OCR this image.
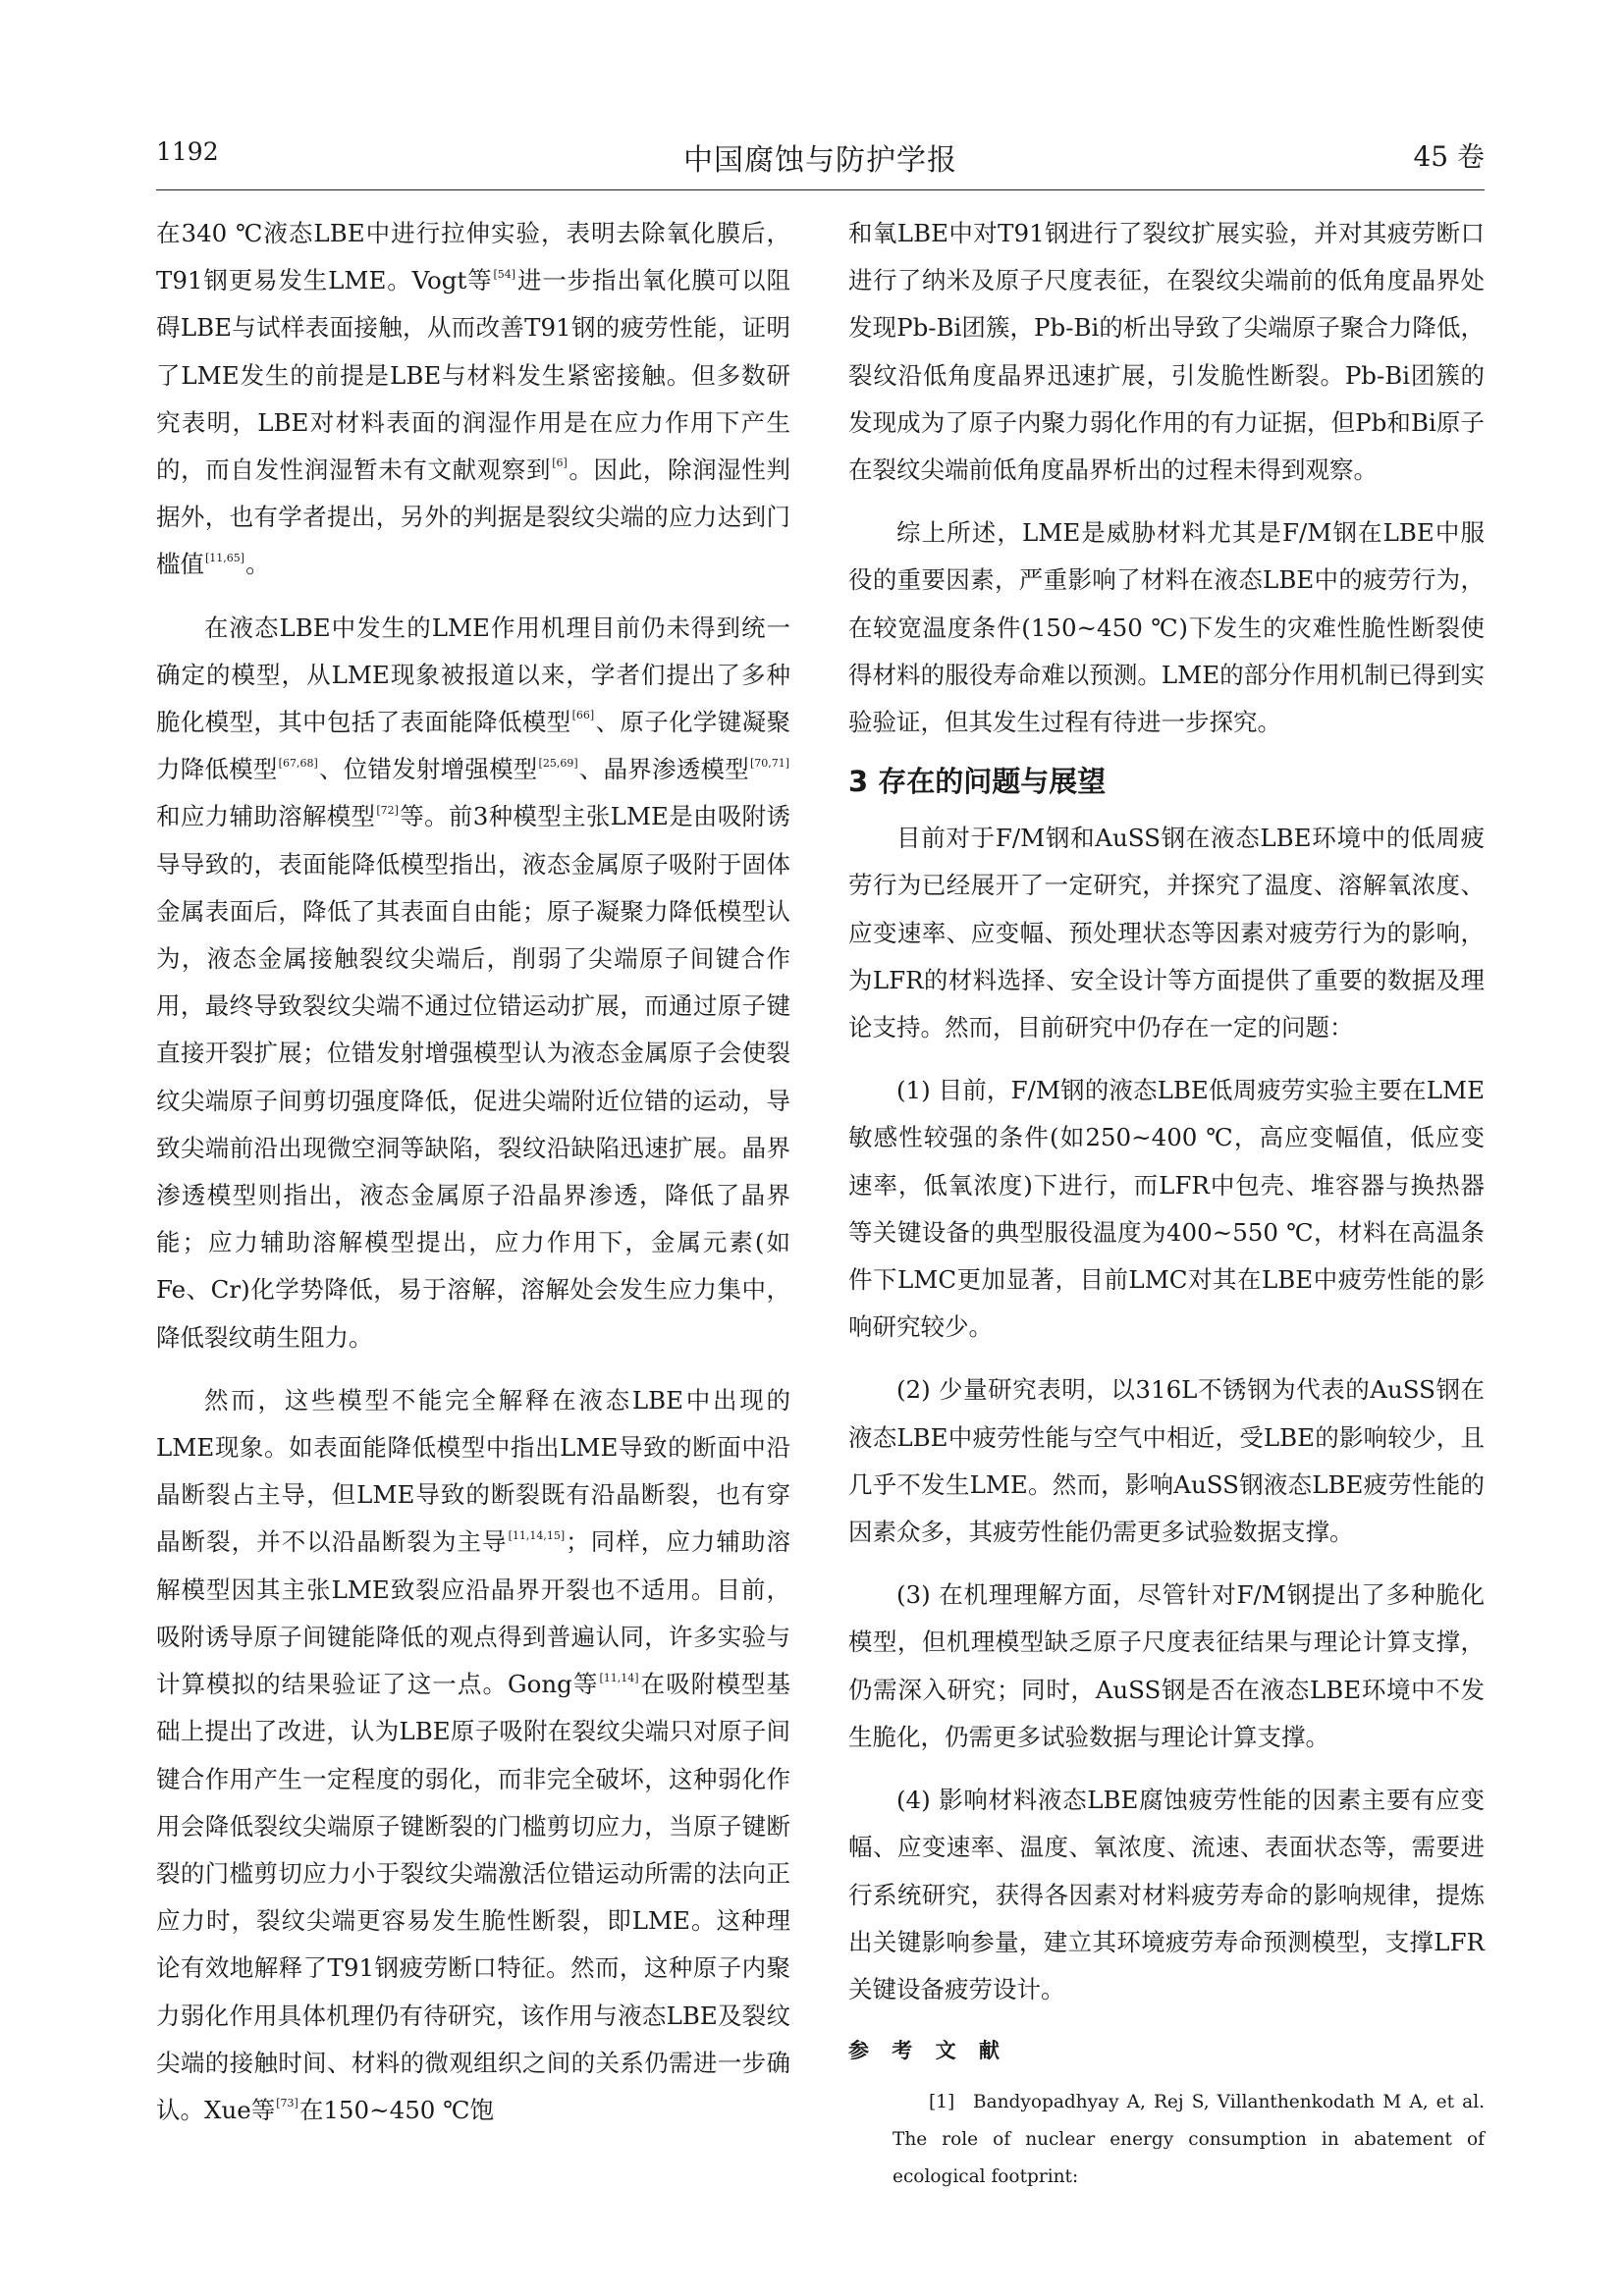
1192	中国腐蚀与防护学报	45 卷

在340 ℃液态LBE中进行拉伸实验，表明去除氧化膜后，T91钢更易发生LME。Vogt等[54]进一步指出氧化膜可以阻碍LBE与试样表面接触，从而改善T91钢的疲劳性能，证明了LME发生的前提是LBE与材料发生紧密接触。但多数研究表明，LBE对材料表面的润湿作用是在应力作用下产生的，而自发性润湿暂未有文献观察到[6]。因此，除润湿性判据外，也有学者提出，另外的判据是裂纹尖端的应力达到门槛值[11,65]。

在液态LBE中发生的LME作用机理目前仍未得到统一确定的模型，从LME现象被报道以来，学者们提出了多种脆化模型，其中包括了表面能降低模型[66]、原子化学键凝聚力降低模型[67,68]、位错发射增强模型[25,69]、晶界渗透模型[70,71]和应力辅助溶解模型[72]等。前3种模型主张LME是由吸附诱导导致的，表面能降低模型指出，液态金属原子吸附于固体金属表面后，降低了其表面自由能；原子凝聚力降低模型认为，液态金属接触裂纹尖端后，削弱了尖端原子间键合作用，最终导致裂纹尖端不通过位错运动扩展，而通过原子键直接开裂扩展；位错发射增强模型认为液态金属原子会使裂纹尖端原子间剪切强度降低，促进尖端附近位错的运动，导致尖端前沿出现微空洞等缺陷，裂纹沿缺陷迅速扩展。晶界渗透模型则指出，液态金属原子沿晶界渗透，降低了晶界能；应力辅助溶解模型提出，应力作用下，金属元素(如Fe、Cr)化学势降低，易于溶解，溶解处会发生应力集中，降低裂纹萌生阻力。

然而，这些模型不能完全解释在液态LBE中出现的LME现象。如表面能降低模型中指出LME导致的断面中沿晶断裂占主导，但LME导致的断裂既有沿晶断裂，也有穿晶断裂，并不以沿晶断裂为主导[11,14,15]；同样，应力辅助溶解模型因其主张LME致裂应沿晶界开裂也不适用。目前，吸附诱导原子间键能降低的观点得到普遍认同，许多实验与计算模拟的结果验证了这一点。Gong等[11,14]在吸附模型基础上提出了改进，认为LBE原子吸附在裂纹尖端只对原子间键合作用产生一定程度的弱化，而非完全破坏，这种弱化作用会降低裂纹尖端原子键断裂的门槛剪切应力，当原子键断裂的门槛剪切应力小于裂纹尖端激活位错运动所需的法向正应力时，裂纹尖端更容易发生脆性断裂，即LME。这种理论有效地解释了T91钢疲劳断口特征。然而，这种原子内聚力弱化作用具体机理仍有待研究，该作用与液态LBE及裂纹尖端的接触时间、材料的微观组织之间的关系仍需进一步确认。Xue等[73]在150~450 ℃饱

和氧LBE中对T91钢进行了裂纹扩展实验，并对其疲劳断口进行了纳米及原子尺度表征，在裂纹尖端前的低角度晶界处发现Pb-Bi团簇，Pb-Bi的析出导致了尖端原子聚合力降低，裂纹沿低角度晶界迅速扩展，引发脆性断裂。Pb-Bi团簇的发现成为了原子内聚力弱化作用的有力证据，但Pb和Bi原子在裂纹尖端前低角度晶界析出的过程未得到观察。

综上所述，LME是威胁材料尤其是F/M钢在LBE中服役的重要因素，严重影响了材料在液态LBE中的疲劳行为，在较宽温度条件(150~450 ℃)下发生的灾难性脆性断裂使得材料的服役寿命难以预测。LME的部分作用机制已得到实验验证，但其发生过程有待进一步探究。

3 存在的问题与展望

目前对于F/M钢和AuSS钢在液态LBE环境中的低周疲劳行为已经展开了一定研究，并探究了温度、溶解氧浓度、应变速率、应变幅、预处理状态等因素对疲劳行为的影响，为LFR的材料选择、安全设计等方面提供了重要的数据及理论支持。然而，目前研究中仍存在一定的问题：

(1) 目前，F/M钢的液态LBE低周疲劳实验主要在LME敏感性较强的条件(如250~400 ℃，高应变幅值，低应变速率，低氧浓度)下进行，而LFR中包壳、堆容器与换热器等关键设备的典型服役温度为400~550 ℃，材料在高温条件下LMC更加显著，目前LMC对其在LBE中疲劳性能的影响研究较少。

(2) 少量研究表明，以316L不锈钢为代表的AuSS钢在液态LBE中疲劳性能与空气中相近，受LBE的影响较少，且几乎不发生LME。然而，影响AuSS钢液态LBE疲劳性能的因素众多，其疲劳性能仍需更多试验数据支撑。

(3) 在机理理解方面，尽管针对F/M钢提出了多种脆化模型，但机理模型缺乏原子尺度表征结果与理论计算支撑，仍需深入研究；同时，AuSS钢是否在液态LBE环境中不发生脆化，仍需更多试验数据与理论计算支撑。

(4) 影响材料液态LBE腐蚀疲劳性能的因素主要有应变幅、应变速率、温度、氧浓度、流速、表面状态等，需要进行系统研究，获得各因素对材料疲劳寿命的影响规律，提炼出关键影响参量，建立其环境疲劳寿命预测模型，支撑LFR关键设备疲劳设计。

参 考 文 献

[1] Bandyopadhyay A, Rej S, Villanthenkodath M A, et al. The role of nuclear energy consumption in abatement of ecological footprint:
